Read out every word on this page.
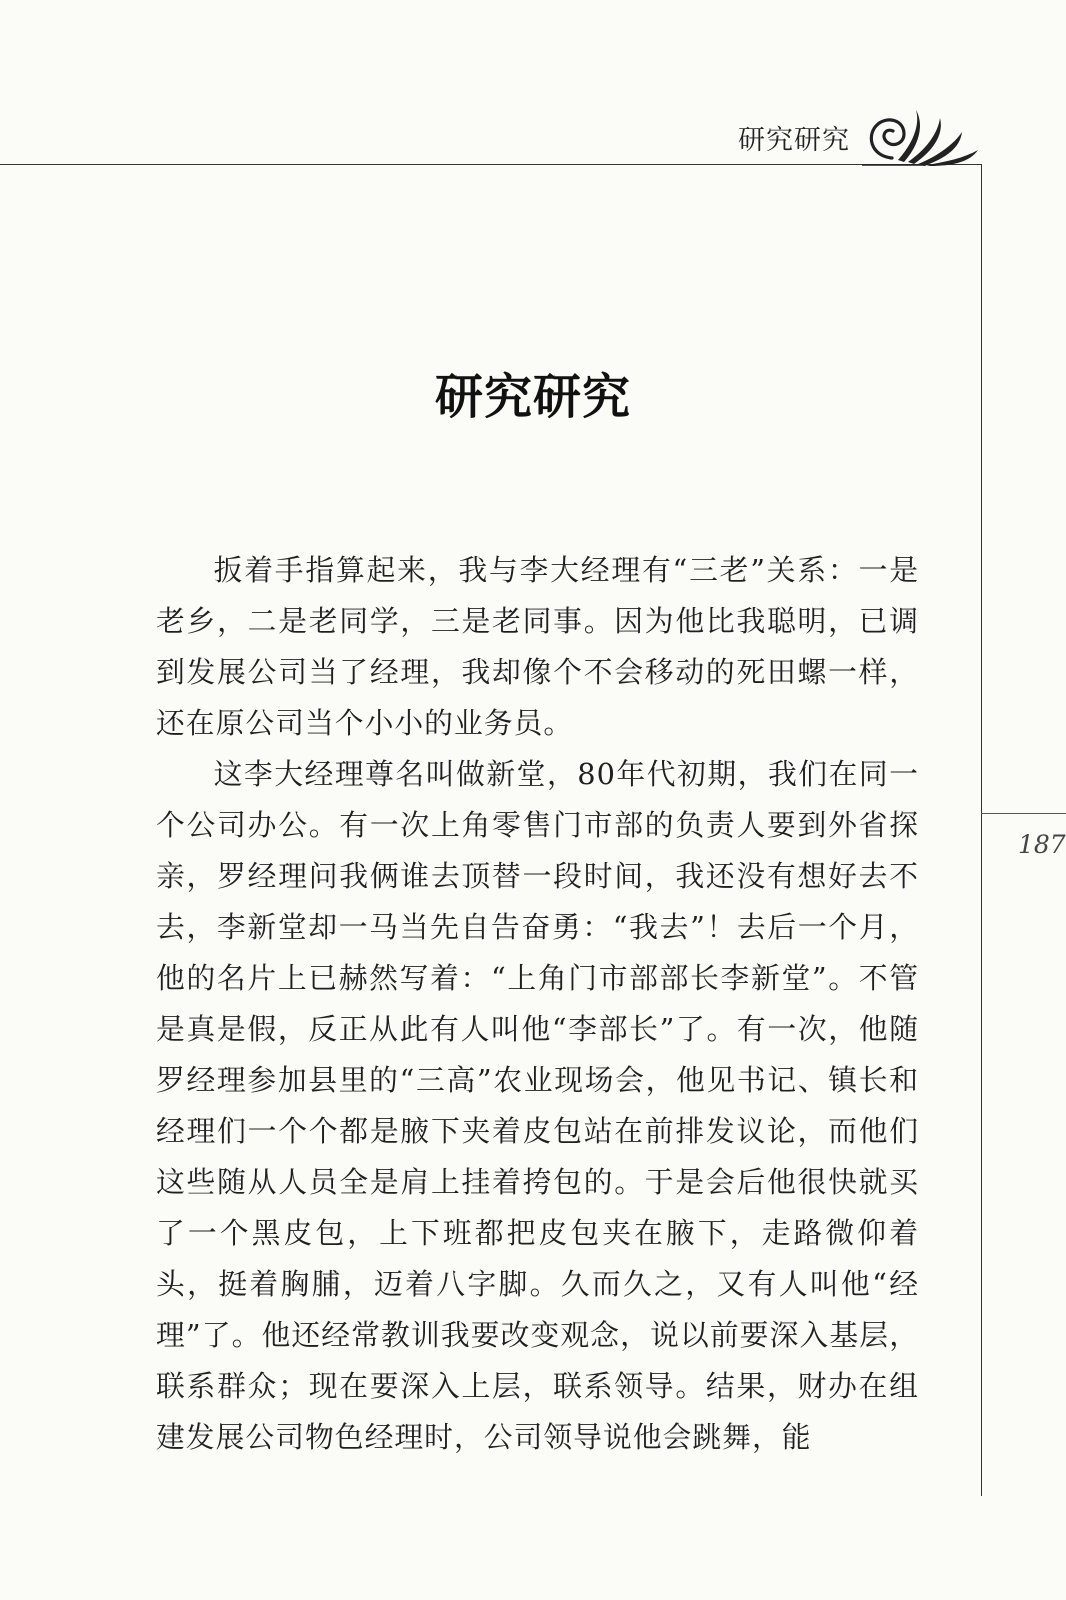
研究研究
187
研究研究

扳着手指算起来，我与李大经理有“三老”关系：一是老乡，二是老同学，三是老同事。因为他比我聪明，已调到发展公司当了经理，我却像个不会移动的死田螺一样，还在原公司当个小小的业务员。

这李大经理尊名叫做新堂，80年代初期，我们在同一个公司办公。有一次上角零售门市部的负责人要到外省探亲，罗经理问我俩谁去顶替一段时间，我还没有想好去不去，李新堂却一马当先自告奋勇：“我去”！去后一个月，他的名片上已赫然写着：“上角门市部部长李新堂”。不管是真是假，反正从此有人叫他“李部长”了。有一次，他随罗经理参加县里的“三高”农业现场会，他见书记、镇长和经理们一个个都是腋下夹着皮包站在前排发议论，而他们这些随从人员全是肩上挂着挎包的。于是会后他很快就买了一个黑皮包，上下班都把皮包夹在腋下，走路微仰着头，挺着胸脯，迈着八字脚。久而久之，又有人叫他“经理”了。他还经常教训我要改变观念，说以前要深入基层，联系群众；现在要深入上层，联系领导。结果，财办在组建发展公司物色经理时，公司领导说他会跳舞，能
